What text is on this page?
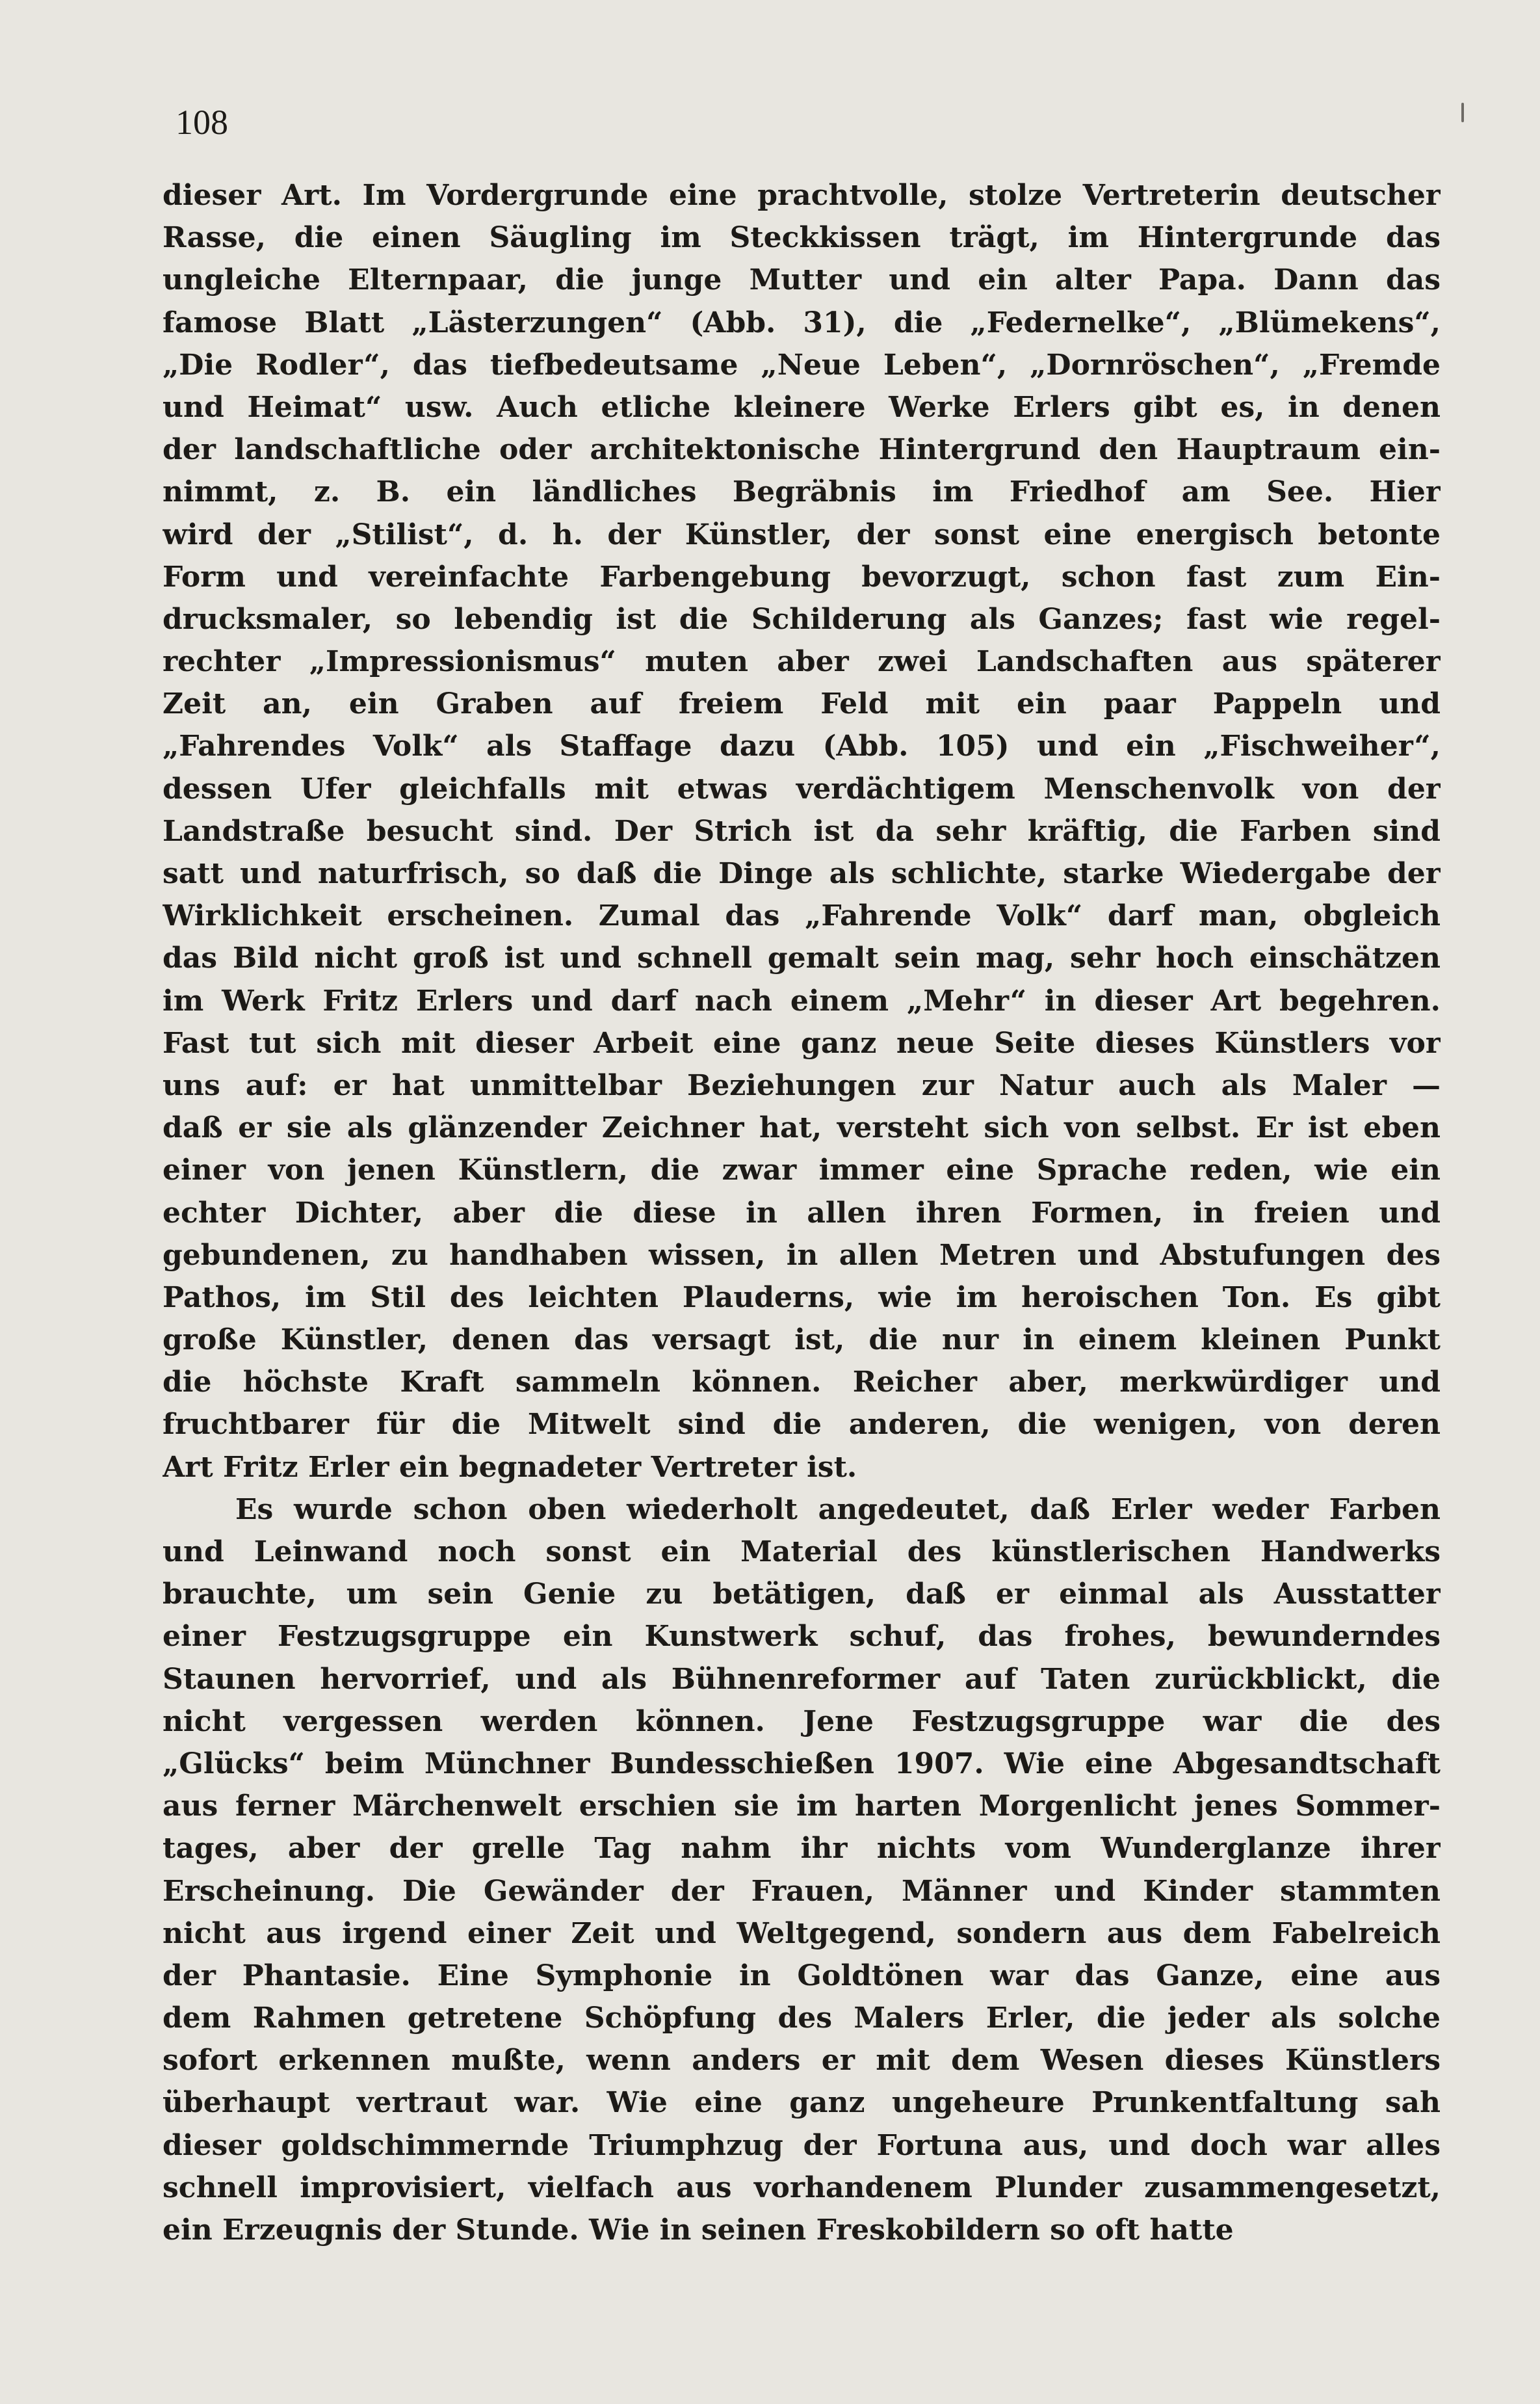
108

dieser Art. Im Vordergrunde eine prachtvolle, stolze Vertreterin deutscher
Rasse, die einen Säugling im Steckkissen trägt, im Hintergrunde das
ungleiche Elternpaar, die junge Mutter und ein alter Papa. Dann das
famose Blatt „Lästerzungen“ (Abb. 31), die „Federnelke“, „Blümekens“,
„Die Rodler“, das tiefbedeutsame „Neue Leben“, „Dornröschen“, „Fremde
und Heimat“ usw. Auch etliche kleinere Werke Erlers gibt es, in denen
der landschaftliche oder architektonische Hintergrund den Hauptraum ein-
nimmt, z. B. ein ländliches Begräbnis im Friedhof am See. Hier
wird der „Stilist“, d. h. der Künstler, der sonst eine energisch betonte
Form und vereinfachte Farbengebung bevorzugt, schon fast zum Ein-
drucksmaler, so lebendig ist die Schilderung als Ganzes; fast wie regel-
rechter „Impressionismus“ muten aber zwei Landschaften aus späterer
Zeit an, ein Graben auf freiem Feld mit ein paar Pappeln und
„Fahrendes Volk“ als Staffage dazu (Abb. 105) und ein „Fischweiher“,
dessen Ufer gleichfalls mit etwas verdächtigem Menschenvolk von der
Landstraße besucht sind. Der Strich ist da sehr kräftig, die Farben sind
satt und naturfrisch, so daß die Dinge als schlichte, starke Wiedergabe der
Wirklichkeit erscheinen. Zumal das „Fahrende Volk“ darf man, obgleich
das Bild nicht groß ist und schnell gemalt sein mag, sehr hoch einschätzen
im Werk Fritz Erlers und darf nach einem „Mehr“ in dieser Art begehren.
Fast tut sich mit dieser Arbeit eine ganz neue Seite dieses Künstlers vor
uns auf: er hat unmittelbar Beziehungen zur Natur auch als Maler —
daß er sie als glänzender Zeichner hat, versteht sich von selbst. Er ist eben
einer von jenen Künstlern, die zwar immer eine Sprache reden, wie ein
echter Dichter, aber die diese in allen ihren Formen, in freien und
gebundenen, zu handhaben wissen, in allen Metren und Abstufungen des
Pathos, im Stil des leichten Plauderns, wie im heroischen Ton. Es gibt
große Künstler, denen das versagt ist, die nur in einem kleinen Punkt
die höchste Kraft sammeln können. Reicher aber, merkwürdiger und
fruchtbarer für die Mitwelt sind die anderen, die wenigen, von deren
Art Fritz Erler ein begnadeter Vertreter ist.
Es wurde schon oben wiederholt angedeutet, daß Erler weder Farben
und Leinwand noch sonst ein Material des künstlerischen Handwerks
brauchte, um sein Genie zu betätigen, daß er einmal als Ausstatter
einer Festzugsgruppe ein Kunstwerk schuf, das frohes, bewunderndes
Staunen hervorrief, und als Bühnenreformer auf Taten zurückblickt, die
nicht vergessen werden können. Jene Festzugsgruppe war die des
„Glücks“ beim Münchner Bundesschießen 1907. Wie eine Abgesandtschaft
aus ferner Märchenwelt erschien sie im harten Morgenlicht jenes Sommer-
tages, aber der grelle Tag nahm ihr nichts vom Wunderglanze ihrer
Erscheinung. Die Gewänder der Frauen, Männer und Kinder stammten
nicht aus irgend einer Zeit und Weltgegend, sondern aus dem Fabelreich
der Phantasie. Eine Symphonie in Goldtönen war das Ganze, eine aus
dem Rahmen getretene Schöpfung des Malers Erler, die jeder als solche
sofort erkennen mußte, wenn anders er mit dem Wesen dieses Künstlers
überhaupt vertraut war. Wie eine ganz ungeheure Prunkentfaltung sah
dieser goldschimmernde Triumphzug der Fortuna aus, und doch war alles
schnell improvisiert, vielfach aus vorhandenem Plunder zusammengesetzt,
ein Erzeugnis der Stunde. Wie in seinen Freskobildern so oft hatte
